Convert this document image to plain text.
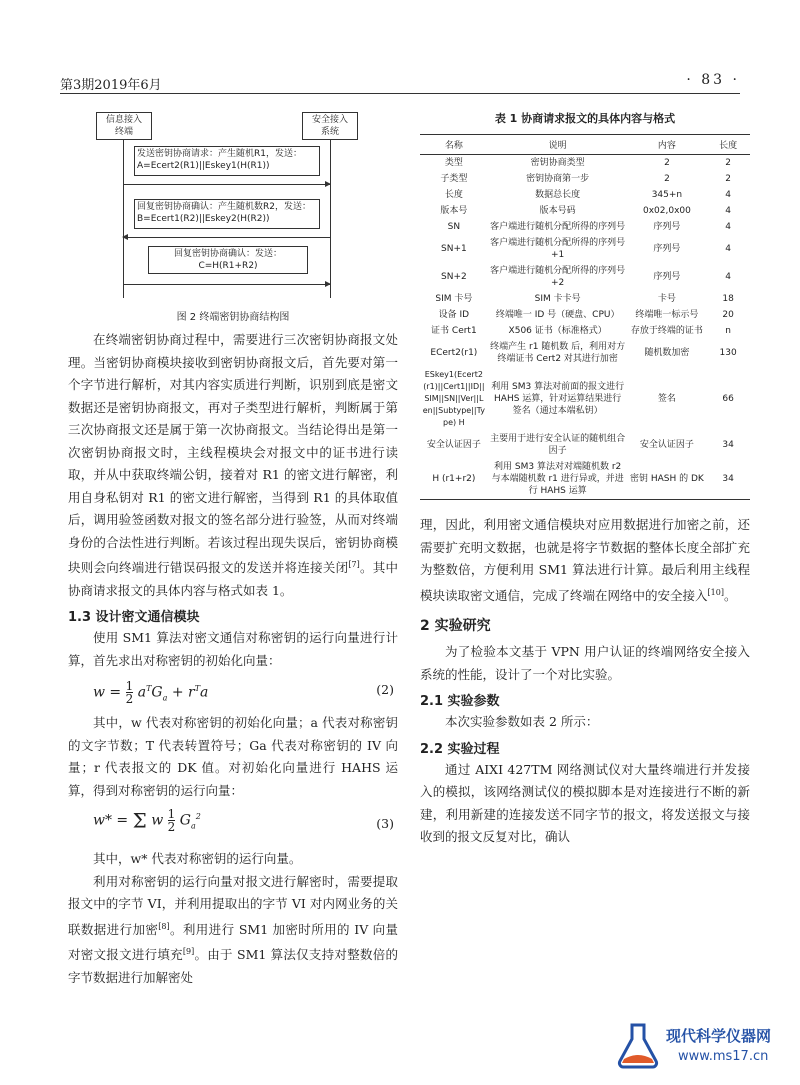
第3期2019年6月	· 83 ·
信息接入
终端
安全接入
系统
发送密钥协商请求：产生随机R1，发送：
A=Ecert2(R1)||Eskey1(H(R1))
回复密钥协商确认：产生随机数R2，发送：
B=Ecert1(R2)||Eskey2(H(R2))
回复密钥协商确认：发送：
C=H(R1+R2)
图 2 终端密钥协商结构图

在终端密钥协商过程中，需要进行三次密钥协商报文处理。当密钥协商模块接收到密钥协商报文后，首先要对第一个字节进行解析，对其内容实质进行判断，识别到底是密文数据还是密钥协商报文，再对子类型进行解析，判断属于第三次协商报文还是属于第一次协商报文。当结论得出是第一次密钥协商报文时，主线程模块会对报文中的证书进行读取，并从中获取终端公钥，接着对 R1 的密文进行解密，利用自身私钥对 R1 的密文进行解密，当得到 R1 的具体取值后，调用验签函数对报文的签名部分进行验签，从而对终端身份的合法性进行判断。若该过程出现失误后，密钥协商模块则会向终端进行错误码报文的发送并将连接关闭[7]。其中协商请求报文的具体内容与格式如表 1。

1.3 设计密文通信模块

使用 SM1 算法对密文通信对称密钥的运行向量进行计算，首先求出对称密钥的初始化向量：

$w = \frac{1}{2} a^TG_a + r^Ta$	(2)

其中，w 代表对称密钥的初始化向量；a 代表对称密钥的文字节数；T 代表转置符号；Ga 代表对称密钥的 IV 向量；r 代表报文的 DK 值。对初始化向量进行 HAHS 运算，得到对称密钥的运行向量：

w* = Σ w $\frac{1}{2} G_a^2$	(3)

其中，w* 代表对称密钥的运行向量。

利用对称密钥的运行向量对报文进行解密时，需要提取报文中的字节 VI，并利用提取出的字节 VI 对内网业务的关联数据进行加密[8]。利用进行 SM1 加密时所用的 IV 向量对密文报文进行填充[9]。由于 SM1 算法仅支持对整数倍的字节数据进行加解密处

表 1 协商请求报文的具体内容与格式
名称	说明	内容	长度
类型	密钥协商类型	2	2
子类型	密钥协商第一步	2	2
长度	数据总长度	345+n	4
版本号	版本号码	0x02,0x00	4
SN	客户端进行随机分配所得的序列号	序列号	4
SN+1	客户端进行随机分配所得的序列号 +1	序列号	4
SN+2	客户端进行随机分配所得的序列号 +2	序列号	4
SIM 卡号	SIM 卡卡号	卡号	18
设备 ID	终端唯一 ID 号（硬盘、CPU）	终端唯一标示号	20
证书 Cert1	X506 证书（标准格式）	存放于终端的证书	n
ECert2(r1)	终端产生 r1 随机数 后，利用对方终端证书 Cert2 对其进行加密	随机数加密	130
ESkey1(Ecert2(r1)||Cert1||ID||SIM||SN||Ver||Len||Subtype||Type) H	利用 SM3 算法对前面的报文进行 HAHS 运算，针对运算结果进行签名（通过本端私钥）	签名	66
安全认证因子	主要用于进行安全认证的随机组合因子	安全认证因子	34
H (r1+r2)	利用 SM3 算法对对端随机数 r2 与本端随机数 r1 进行异或，并进行 HAHS 运算	密钥 HASH 的 DK	34

理，因此，利用密文通信模块对应用数据进行加密之前，还需要扩充明文数据，也就是将字节数据的整体长度全部扩充为整数倍，方便利用 SM1 算法进行计算。最后利用主线程模块读取密文通信，完成了终端在网络中的安全接入[10]。

2 实验研究

为了检验本文基于 VPN 用户认证的终端网络安全接入系统的性能，设计了一个对比实验。

2.1 实验参数

本次实验参数如表 2 所示：

2.2 实验过程

通过 AIXI 427TM 网络测试仪对大量终端进行并发接入的模拟，该网络测试仪的模拟脚本是对连接进行不断的新建，利用新建的连接发送不同字节的报文，将发送报文与接收到的报文反复对比，确认

现代科学仪器网
www.ms17.cn
